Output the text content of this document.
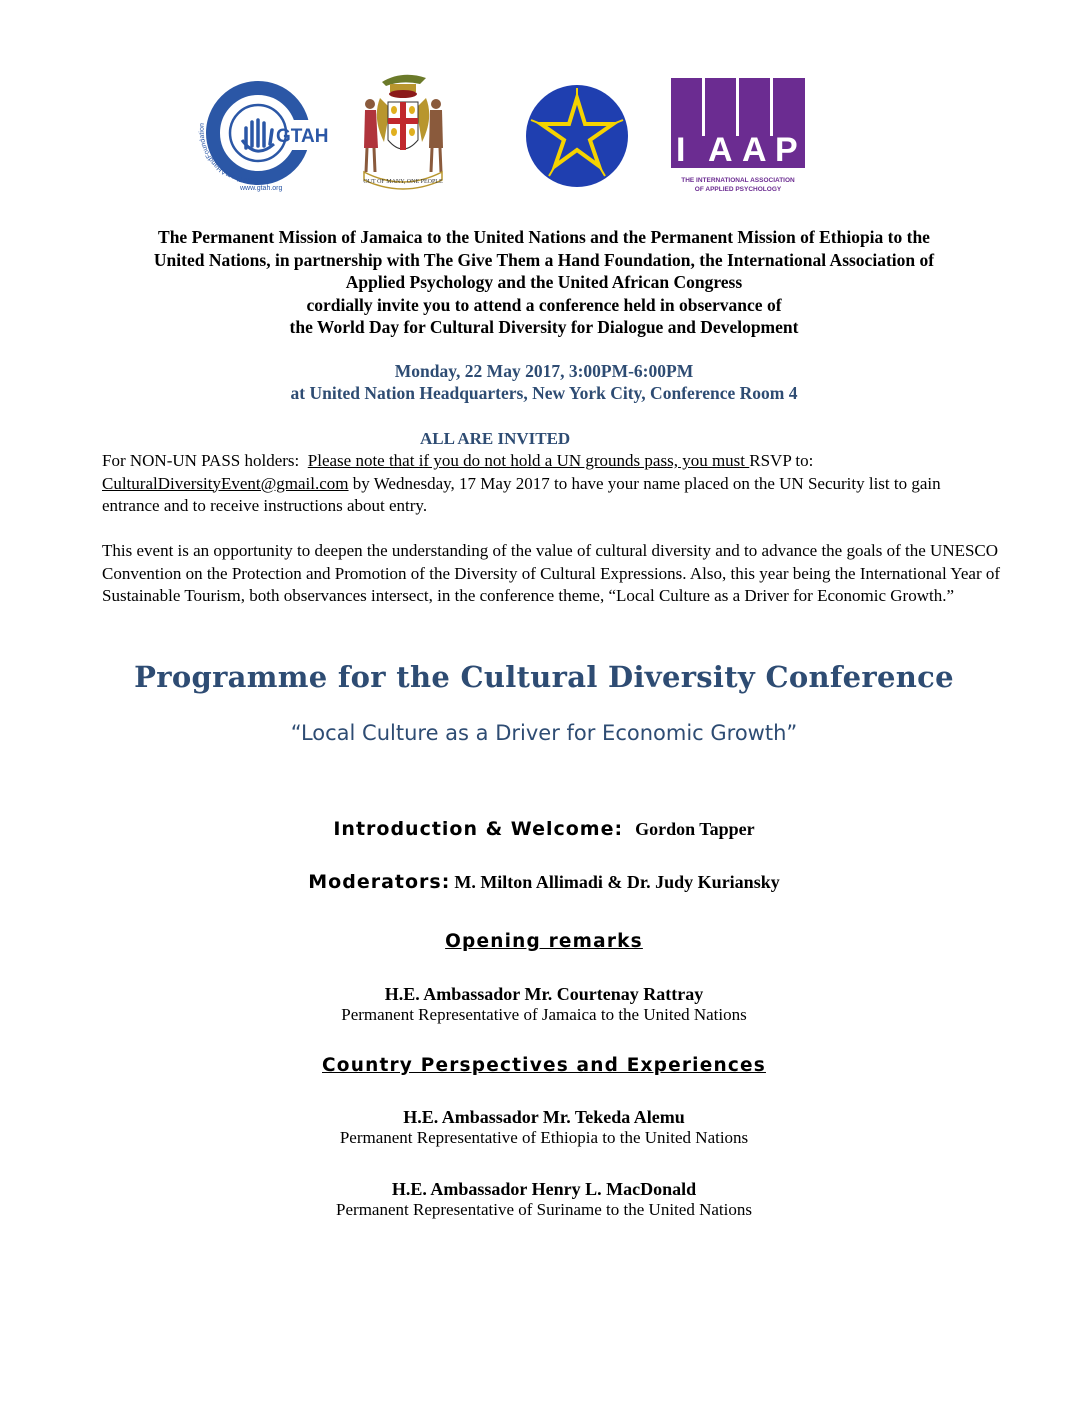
GTAH
GiveThemAHandFoundation
www.gtah.org
OUT OF MANY, ONE PEOPLE
I A A P
THE INTERNATIONAL ASSOCIATION
OF APPLIED PSYCHOLOGY
The Permanent Mission of Jamaica to the United Nations and the Permanent Mission of Ethiopia to the
United Nations, in partnership with The Give Them a Hand Foundation, the International Association of
Applied Psychology and the United African Congress
cordially invite you to attend a conference held in observance of
the World Day for Cultural Diversity for Dialogue and Development
Monday, 22 May 2017, 3:00PM-6:00PM
at United Nation Headquarters, New York City, Conference Room 4
ALL ARE INVITED
For NON-UN PASS holders:  Please note that if you do not hold a UN grounds pass, you must RSVP to:
CulturalDiversityEvent@gmail.com by Wednesday, 17 May 2017 to have your name placed on the UN Security list to gain entrance and to receive instructions about entry.
This event is an opportunity to deepen the understanding of the value of cultural diversity and to advance the goals of the UNESCO Convention on the Protection and Promotion of the Diversity of Cultural Expressions. Also, this year being the International Year of Sustainable Tourism, both observances intersect, in the conference theme, “Local Culture as a Driver for Economic Growth.”
Programme for the Cultural Diversity Conference
“Local Culture as a Driver for Economic Growth”
Introduction & Welcome: Gordon Tapper
Moderators: M. Milton Allimadi & Dr. Judy Kuriansky
Opening remarks
H.E. Ambassador Mr. Courtenay Rattray
Permanent Representative of Jamaica to the United Nations
Country Perspectives and Experiences
H.E. Ambassador Mr. Tekeda Alemu
Permanent Representative of Ethiopia to the United Nations
H.E. Ambassador Henry L. MacDonald
Permanent Representative of Suriname to the United Nations
